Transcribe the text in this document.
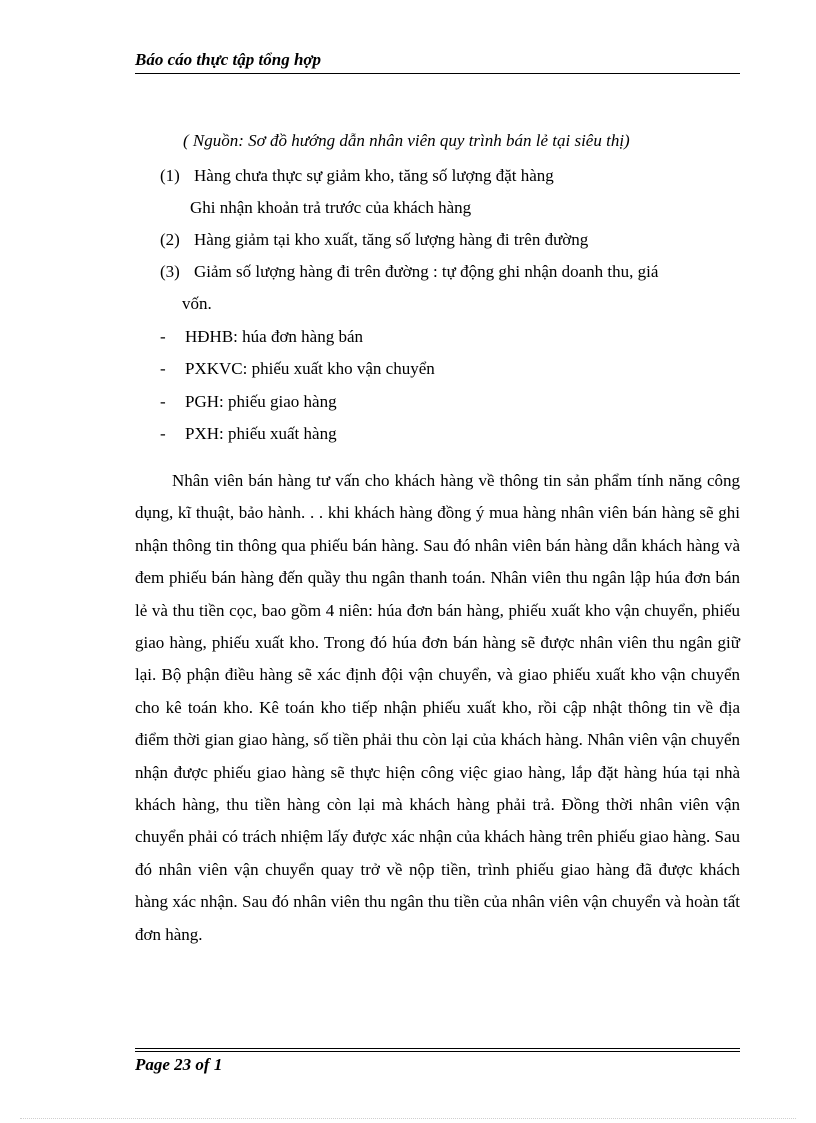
Báo cáo thực tập tổng hợp
( Nguồn: Sơ đồ hướng dẫn nhân viên quy trình bán lẻ tại siêu thị)
(1) Hàng chưa thực sự giảm kho, tăng số lượng đặt hàng
Ghi nhận khoản trả trước của khách hàng
(2) Hàng giảm tại kho xuất, tăng số lượng hàng đi trên đường
(3) Giảm số lượng hàng đi trên đường : tự động ghi nhận doanh thu, giá
vốn.
- HĐHB: húa đơn hàng bán
- PXKVC: phiếu xuất kho vận chuyển
- PGH: phiếu giao hàng
- PXH: phiếu xuất hàng

Nhân viên bán hàng tư vấn cho khách hàng về thông tin sản phẩm tính năng công dụng, kĩ thuật, bảo hành. . . khi khách hàng đồng ý mua hàng nhân viên bán hàng sẽ ghi nhận thông tin thông qua phiếu bán hàng. Sau đó nhân viên bán hàng dẫn khách hàng và đem phiếu bán hàng đến quầy thu ngân thanh toán. Nhân viên thu ngân lập húa đơn bán lẻ và thu tiền cọc, bao gồm 4 niên: húa đơn bán hàng, phiếu xuất kho vận chuyển, phiếu giao hàng, phiếu xuất kho. Trong đó húa đơn bán hàng sẽ được nhân viên thu ngân giữ lại. Bộ phận điều hàng sẽ xác định đội vận chuyển, và giao phiếu xuất kho vận chuyển cho kê toán kho. Kê toán kho tiếp nhận phiếu xuất kho, rồi cập nhật thông tin về địa điểm thời gian giao hàng, số tiền phải thu còn lại của khách hàng. Nhân viên vận chuyển nhận được phiếu giao hàng sẽ thực hiện công việc giao hàng, lắp đặt hàng húa tại nhà khách hàng, thu tiền hàng còn lại mà khách hàng phải trả. Đồng thời nhân viên vận chuyển phải có trách nhiệm lấy được xác nhận của khách hàng trên phiếu giao hàng. Sau đó nhân viên vận chuyển quay trở về nộp tiền, trình phiếu giao hàng đã được khách hàng xác nhận. Sau đó nhân viên thu ngân thu tiền của nhân viên vận chuyển và hoàn tất đơn hàng.

Page 23 of 1
